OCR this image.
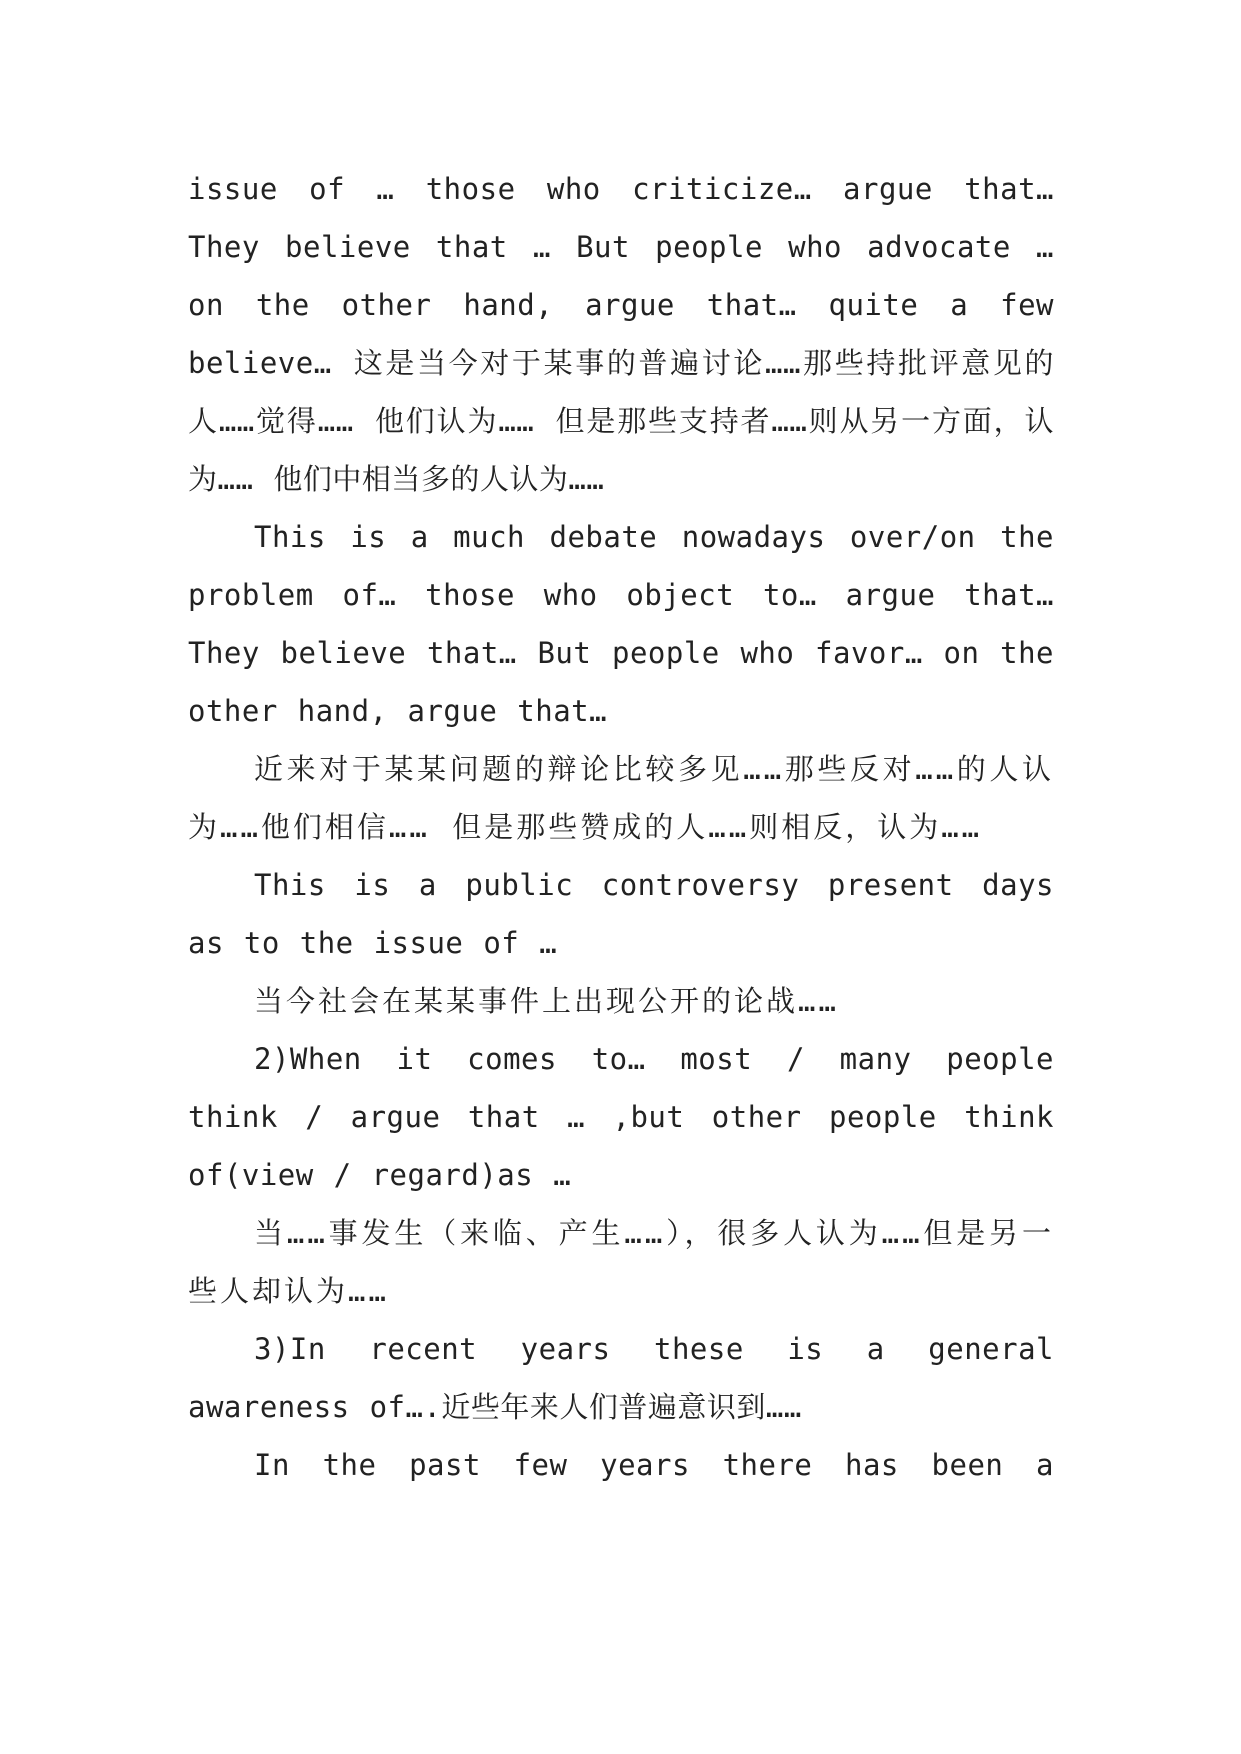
issue of … those who criticize… argue that… They believe that … But people who advocate … on the other hand, argue that… quite a few believe… 这是当今对于某事的普遍讨论……那些持批评意见的人……觉得…… 他们认为…… 但是那些支持者……则从另一方面，认为…… 他们中相当多的人认为……

This is a much debate nowadays over/on the problem of… those who object to… argue that…They believe that… But people who favor… on the other hand, argue that…

近来对于某某问题的辩论比较多见……那些反对……的人认为……他们相信…… 但是那些赞成的人……则相反，认为……

This is a public controversy present days as to the issue of …

当今社会在某某事件上出现公开的论战……

2)When it comes to… most / many people think / argue that … ,but other people think of(view / regard)as …

当……事发生（来临、产生……），很多人认为……但是另一些人却认为……

3)In recent years these is a general awareness of….近些年来人们普遍意识到……

In the past few years there has been a
